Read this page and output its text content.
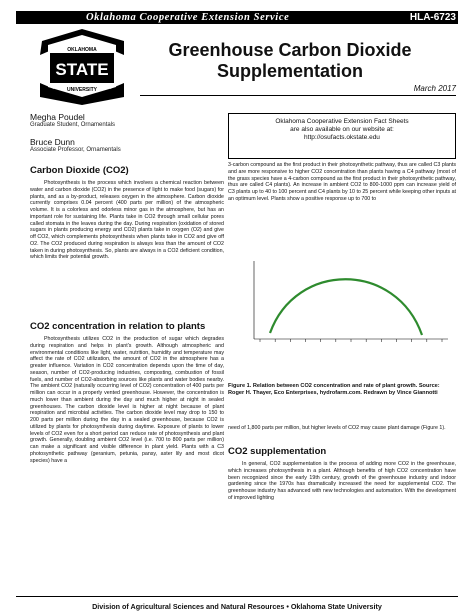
Oklahoma Cooperative Extension Service	HLA-6723
OKLAHOMA
STATE
UNIVERSITY
Greenhouse Carbon Dioxide
Supplementation
March 2017
Megha Poudel
Graduate Student, Ornamentals
Bruce Dunn
Associate Professor, Ornamentals
Oklahoma Cooperative Extension Fact Sheets
are also available on our website at:
http://osufacts.okstate.edu
Carbon Dioxide (CO2)
Photosynthesis is the process which involves a chemical reaction between water and carbon dioxide (CO2) in the presence of light to make food (sugars) for plants, and as a by-product, releases oxygen in the atmosphere. Carbon dioxide currently comprises 0.04 percent (400 parts per million) of the atmospheric volume. It is a colorless and odorless minor gas in the atmosphere, but has an important role for sustaining life. Plants take in CO2 through small cellular pores called stomata in the leaves during the day. During respiration (oxidation of stored sugars in plants producing energy and CO2) plants take in oxygen (O2) and give off CO2, which complements photosynthesis when plants take in CO2 and give off O2. The CO2 produced during respiration is always less than the amount of CO2 taken in during photosynthesis. So, plants are always in a CO2 deficient condition, which limits their potential growth.
CO2 concentration in relation to plants
Photosynthesis utilizes CO2 in the production of sugar which degrades during respiration and helps in plant's growth. Although atmospheric and environmental conditions like light, water, nutrition, humidity and temperature may affect the rate of CO2 utilization, the amount of CO2 in the atmosphere has a greater influence. Variation in CO2 concentration depends upon the time of day, season, number of CO2-producing industries, composting, combustion of fossil fuels, and number of CO2-absorbing sources like plants and water bodies nearby. The ambient CO2 (naturally occurring level of CO2) concentration of 400 parts per million can occur in a properly vented greenhouse. However, the concentration is much lower than ambient during the day and much higher at night in sealed greenhouses. The carbon dioxide level is higher at night because of plant respiration and microbial activities. The carbon dioxide level may drop to 150 to 200 parts per million during the day in a sealed greenhouse, because CO2 is utilized by plants for photosynthesis during daytime. Exposure of plants to lower levels of CO2 even for a short period can reduce rate of photosynthesis and plant growth. Generally, doubling ambient CO2 level (i.e. 700 to 800 parts per million) can make a significant and visible difference in plant yield. Plants with a C3 photosynthetic pathway (geranium, petunia, pansy, aster lily and most dicot species) have a
3-carbon compound as the first product in their photosynthetic pathway, thus are called C3 plants and are more responsive to higher CO2 concentration than plants having a C4 pathway (most of the grass species have a 4-carbon compound as the first product in their photosynthetic pathway, thus are called C4 plants). An increase in ambient CO2 to 800-1000 ppm can increase yield of C3 plants up to 40 to 100 percent and C4 plants by 10 to 25 percent while keeping other inputs at an optimum level. Plants show a positive response up to 700 to
Figure 1. Relation between CO2 concentration and rate of plant growth. Source: Roger H. Thayer, Eco Enterprises, hydrofarm.com. Redrawn by Vince Giannotti
need of 1,800 parts per million, but higher levels of CO2 may cause plant damage (Figure 1).
CO2 supplementation
In general, CO2 supplementation is the process of adding more CO2 in the greenhouse, which increases photosynthesis in a plant. Although benefits of high CO2 concentration have been recognized since the early 19th century, growth of the greenhouse industry and indoor gardening since the 1970s has dramatically increased the need for supplemental CO2. The greenhouse industry has advanced with new technologies and automation. With the development of improved lighting
Division of Agricultural Sciences and Natural Resources • Oklahoma State University
